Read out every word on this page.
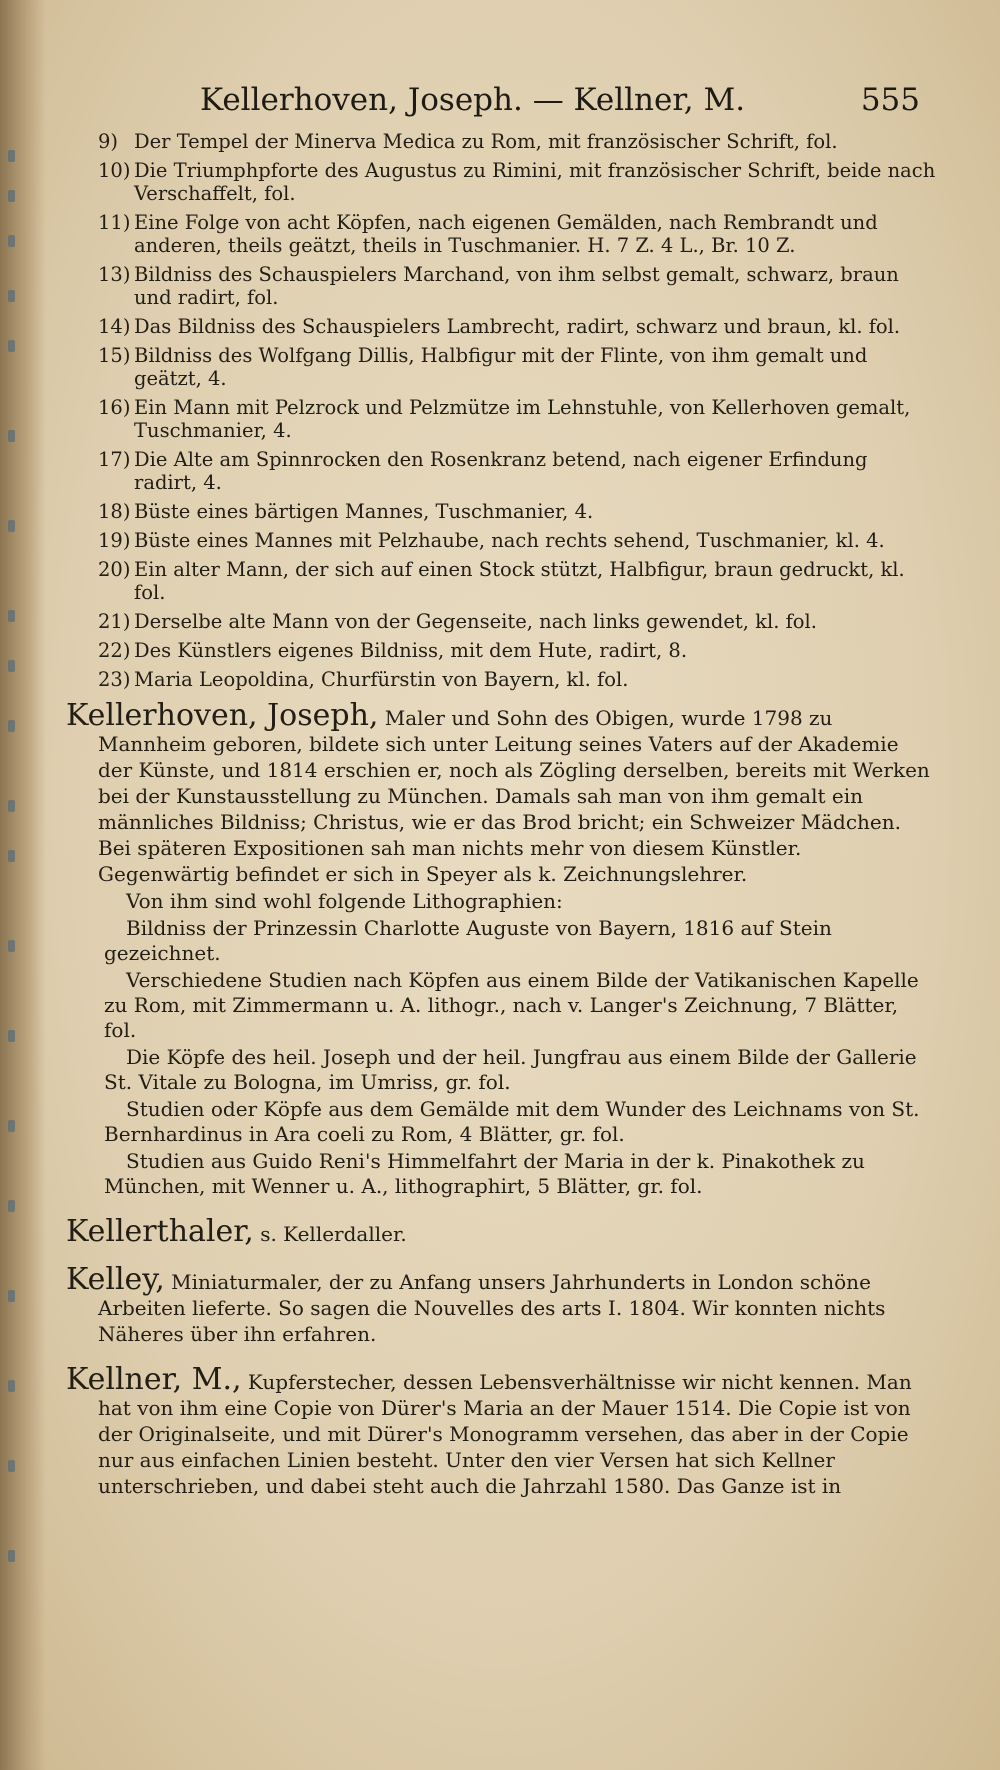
Kellerhoven, Joseph. — Kellner, M.	555
9) Der Tempel der Minerva Medica zu Rom, mit französischer Schrift, fol.
10) Die Triumphpforte des Augustus zu Rimini, mit französischer Schrift, beide nach Verschaffelt, fol.
11) Eine Folge von acht Köpfen, nach eigenen Gemälden, nach Rembrandt und anderen, theils geätzt, theils in Tuschmanier. H. 7 Z. 4 L., Br. 10 Z.
13) Bildniss des Schauspielers Marchand, von ihm selbst gemalt, schwarz, braun und radirt, fol.
14) Das Bildniss des Schauspielers Lambrecht, radirt, schwarz und braun, kl. fol.
15) Bildniss des Wolfgang Dillis, Halbfigur mit der Flinte, von ihm gemalt und geätzt, 4.
16) Ein Mann mit Pelzrock und Pelzmütze im Lehnstuhle, von Kellerhoven gemalt, Tuschmanier, 4.
17) Die Alte am Spinnrocken den Rosenkranz betend, nach eigener Erfindung radirt, 4.
18) Büste eines bärtigen Mannes, Tuschmanier, 4.
19) Büste eines Mannes mit Pelzhaube, nach rechts sehend, Tuschmanier, kl. 4.
20) Ein alter Mann, der sich auf einen Stock stützt, Halbfigur, braun gedruckt, kl. fol.
21) Derselbe alte Mann von der Gegenseite, nach links gewendet, kl. fol.
22) Des Künstlers eigenes Bildniss, mit dem Hute, radirt, 8.
23) Maria Leopoldina, Churfürstin von Bayern, kl. fol.
Kellerhoven, Joseph, Maler und Sohn des Obigen, wurde 1798 zu Mannheim geboren, bildete sich unter Leitung seines Vaters auf der Akademie der Künste, und 1814 erschien er, noch als Zögling derselben, bereits mit Werken bei der Kunstausstellung zu München. Damals sah man von ihm gemalt ein männliches Bildniss; Christus, wie er das Brod bricht; ein Schweizer Mädchen. Bei späteren Expositionen sah man nichts mehr von diesem Künstler. Gegenwärtig befindet er sich in Speyer als k. Zeichnungslehrer.
Von ihm sind wohl folgende Lithographien:
Bildniss der Prinzessin Charlotte Auguste von Bayern, 1816 auf Stein gezeichnet.
Verschiedene Studien nach Köpfen aus einem Bilde der Vatikanischen Kapelle zu Rom, mit Zimmermann u. A. lithogr., nach v. Langer's Zeichnung, 7 Blätter, fol.
Die Köpfe des heil. Joseph und der heil. Jungfrau aus einem Bilde der Gallerie St. Vitale zu Bologna, im Umriss, gr. fol.
Studien oder Köpfe aus dem Gemälde mit dem Wunder des Leichnams von St. Bernhardinus in Ara coeli zu Rom, 4 Blätter, gr. fol.
Studien aus Guido Reni's Himmelfahrt der Maria in der k. Pinakothek zu München, mit Wenner u. A., lithographirt, 5 Blätter, gr. fol.
Kellerthaler, s. Kellerdaller.
Kelley, Miniaturmaler, der zu Anfang unsers Jahrhunderts in London schöne Arbeiten lieferte. So sagen die Nouvelles des arts I. 1804. Wir konnten nichts Näheres über ihn erfahren.
Kellner, M., Kupferstecher, dessen Lebensverhältnisse wir nicht kennen. Man hat von ihm eine Copie von Dürer's Maria an der Mauer 1514. Die Copie ist von der Originalseite, und mit Dürer's Monogramm versehen, das aber in der Copie nur aus einfachen Linien besteht. Unter den vier Versen hat sich Kellner unterschrieben, und dabei steht auch die Jahrzahl 1580. Das Ganze ist in
